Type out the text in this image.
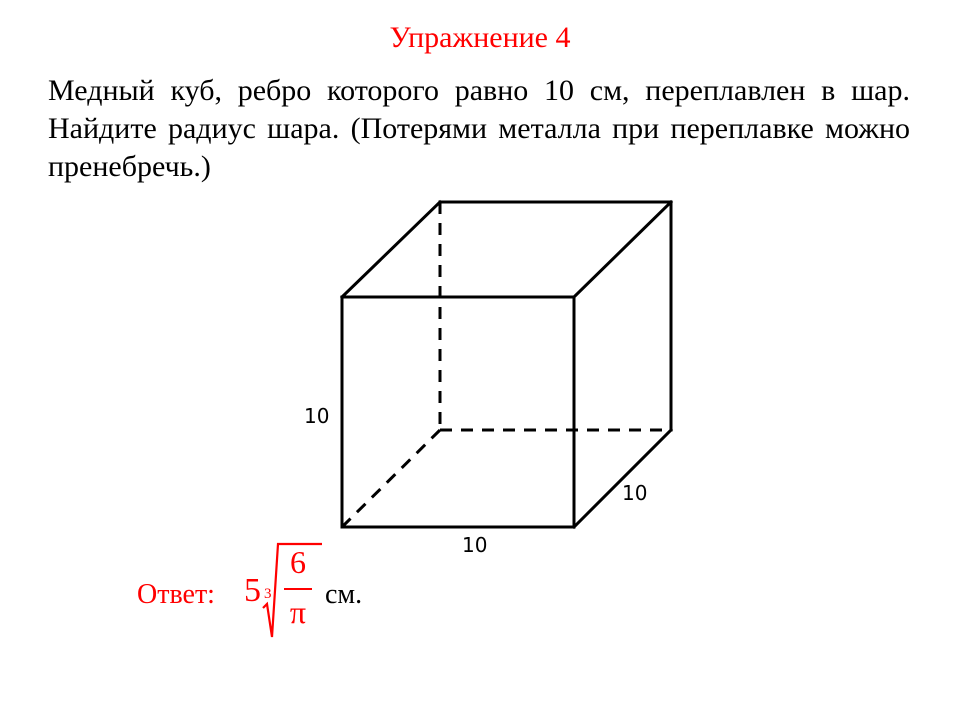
Упражнение 4
Медный куб, ребро которого равно 10 см, переплавлен в шар. Найдите радиус шара. (Потерями металла при переплавке можно пренебречь.)
10
10
10
Ответ: 5 3
6
π см.
